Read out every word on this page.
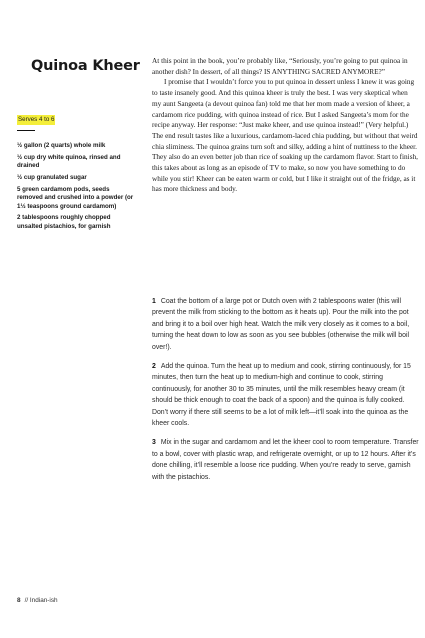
Quinoa Kheer
Serves 4 to 6
½ gallon (2 quarts) whole milk
½ cup dry white quinoa, rinsed and drained
½ cup granulated sugar
5 green cardamom pods, seeds removed and crushed into a powder (or 1½ teaspoons ground cardamom)
2 tablespoons roughly chopped unsalted pistachios, for garnish

At this point in the book, you’re probably like, “Seriously, you’re going to put quinoa in another dish? In dessert, of all things? IS ANYTHING SACRED ANYMORE?”

I promise that I wouldn’t force you to put quinoa in dessert unless I knew it was going to taste insanely good. And this quinoa kheer is truly the best. I was very skeptical when my aunt Sangeeta (a devout quinoa fan) told me that her mom made a version of kheer, a cardamom rice pudding, with quinoa instead of rice. But I asked Sangeeta’s mom for the recipe anyway. Her response: “Just make kheer, and use quinoa instead!” (Very helpful.) The end result tastes like a luxurious, cardamom-laced chia pudding, but without that weird chia sliminess. The quinoa grains turn soft and silky, adding a hint of nuttiness to the kheer. They also do an even better job than rice of soaking up the cardamom flavor. Start to finish, this takes about as long as an episode of TV to make, so now you have something to do while you stir! Kheer can be eaten warm or cold, but I like it straight out of the fridge, as it has more thickness and body.

1 Coat the bottom of a large pot or Dutch oven with 2 tablespoons water (this will prevent the milk from sticking to the bottom as it heats up). Pour the milk into the pot and bring it to a boil over high heat. Watch the milk very closely as it comes to a boil, turning the heat down to low as soon as you see bubbles (otherwise the milk will boil over!).

2 Add the quinoa. Turn the heat up to medium and cook, stirring continuously, for 15 minutes, then turn the heat up to medium-high and continue to cook, stirring continuously, for another 30 to 35 minutes, until the milk resembles heavy cream (it should be thick enough to coat the back of a spoon) and the quinoa is fully cooked. Don’t worry if there still seems to be a lot of milk left—it’ll soak into the quinoa as the kheer cools.

3 Mix in the sugar and cardamom and let the kheer cool to room temperature. Transfer to a bowl, cover with plastic wrap, and refrigerate overnight, or up to 12 hours. After it’s done chilling, it’ll resemble a loose rice pudding. When you’re ready to serve, garnish with the pistachios.

8 // Indian-ish
